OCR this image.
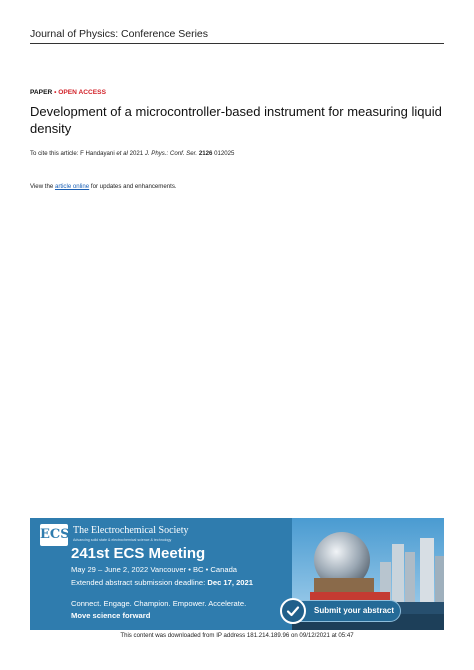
Journal of Physics: Conference Series
PAPER • OPEN ACCESS
Development of a microcontroller-based instrument for measuring liquid density
To cite this article: F Handayani et al 2021 J. Phys.: Conf. Ser. 2126 012025
View the article online for updates and enhancements.
ECS The Electrochemical Society
Advancing solid state & electrochemical science & technology
241st ECS Meeting
May 29 – June 2, 2022 Vancouver • BC • Canada
Extended abstract submission deadline: Dec 17, 2021
Connect. Engage. Champion. Empower. Accelerate.
Move science forward
Submit your abstract
This content was downloaded from IP address 181.214.189.96 on 09/12/2021 at 05:47
